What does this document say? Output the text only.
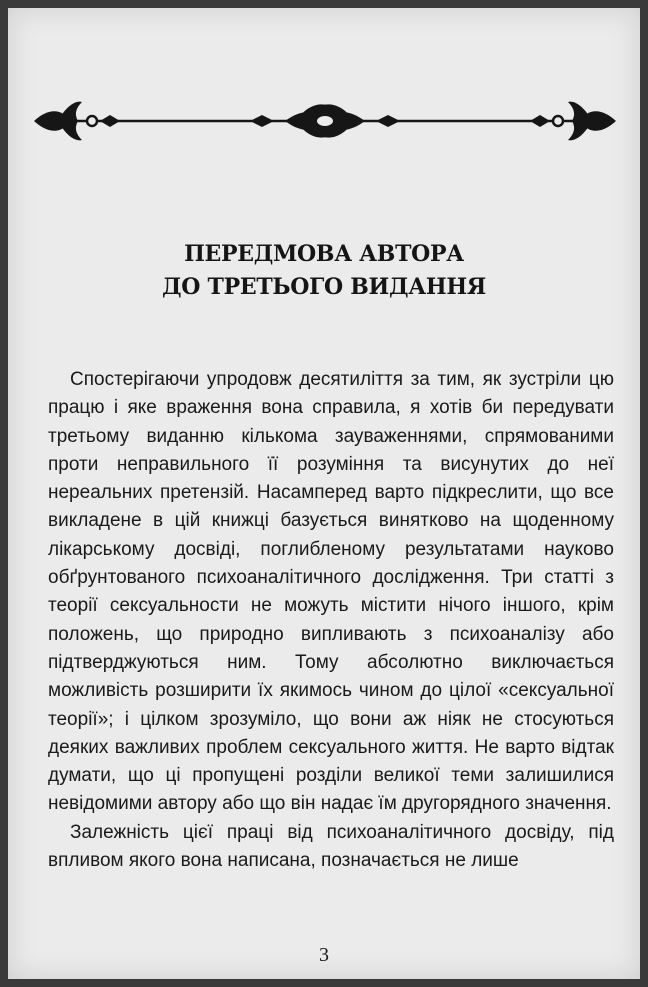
ПЕРЕДМОВА АВТОРА
ДО ТРЕТЬОГО ВИДАННЯ

Спостерігаючи упродовж десятиліття за тим, як зустріли цю працю і яке враження вона справила, я хотів би передувати третьому виданню кількома зауваженнями, спрямованими проти неправильного її розуміння та висунутих до неї нереальних претензій. Насамперед варто підкреслити, що все викладене в цій книжці базується винятково на щоденному лікарському досвіді, поглибленому результатами науково обґрунтованого психоаналітичного дослідження. Три статті з теорії сексуальности не можуть містити нічого іншого, крім положень, що природно випливають з психоаналізу або підтверджуються ним. Тому абсолютно виключається можливість розширити їх якимось чином до цілої «сексуальної теорії»; і цілком зрозуміло, що вони аж ніяк не стосуються деяких важливих проблем сексуального життя. Не варто відтак думати, що ці пропущені розділи великої теми залишилися невідомими автору або що він надає їм другорядного значення.

Залежність цієї праці від психоаналітичного досвіду, під впливом якого вона написана, позначається не лише

3
